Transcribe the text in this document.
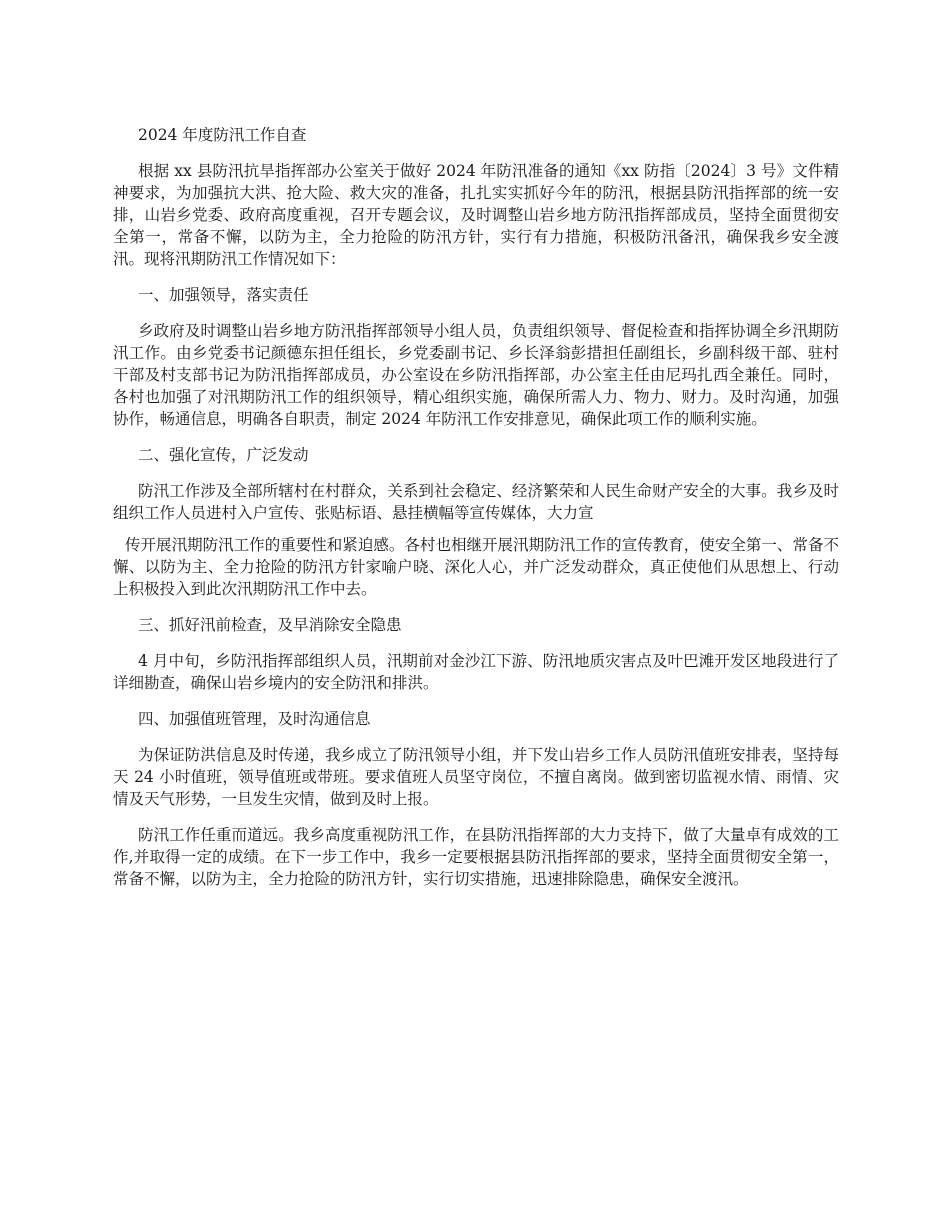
2024 年度防汛工作自查

根据 xx 县防汛抗旱指挥部办公室关于做好 2024 年防汛准备的通知《xx 防指〔2024〕3 号》文件精神要求，为加强抗大洪、抢大险、救大灾的准备，扎扎实实抓好今年的防汛，根据县防汛指挥部的统一安排，山岩乡党委、政府高度重视，召开专题会议，及时调整山岩乡地方防汛指挥部成员，坚持全面贯彻安全第一，常备不懈，以防为主，全力抢险的防汛方针，实行有力措施，积极防汛备汛，确保我乡安全渡汛。现将汛期防汛工作情况如下：

一、加强领导，落实责任

乡政府及时调整山岩乡地方防汛指挥部领导小组人员，负责组织领导、督促检查和指挥协调全乡汛期防汛工作。由乡党委书记颜德东担任组长，乡党委副书记、乡长泽翁彭措担任副组长，乡副科级干部、驻村干部及村支部书记为防汛指挥部成员，办公室设在乡防汛指挥部，办公室主任由尼玛扎西全兼任。同时，各村也加强了对汛期防汛工作的组织领导，精心组织实施，确保所需人力、物力、财力。及时沟通，加强协作，畅通信息，明确各自职责，制定 2024 年防汛工作安排意见，确保此项工作的顺利实施。

二、强化宣传，广泛发动

防汛工作涉及全部所辖村在村群众，关系到社会稳定、经济繁荣和人民生命财产安全的大事。我乡及时组织工作人员进村入户宣传、张贴标语、悬挂横幅等宣传媒体，大力宣

传开展汛期防汛工作的重要性和紧迫感。各村也相继开展汛期防汛工作的宣传教育，使安全第一、常备不懈、以防为主、全力抢险的防汛方针家喻户晓、深化人心，并广泛发动群众，真正使他们从思想上、行动上积极投入到此次汛期防汛工作中去。

三、抓好汛前检查，及早消除安全隐患

4 月中旬，乡防汛指挥部组织人员，汛期前对金沙江下游、防汛地质灾害点及叶巴滩开发区地段进行了详细勘查，确保山岩乡境内的安全防汛和排洪。

四、加强值班管理，及时沟通信息

为保证防洪信息及时传递，我乡成立了防汛领导小组，并下发山岩乡工作人员防汛值班安排表，坚持每天 24 小时值班，领导值班或带班。要求值班人员坚守岗位，不擅自离岗。做到密切监视水情、雨情、灾情及天气形势，一旦发生灾情，做到及时上报。

防汛工作任重而道远。我乡高度重视防汛工作，在县防汛指挥部的大力支持下，做了大量卓有成效的工作,并取得一定的成绩。在下一步工作中，我乡一定要根据县防汛指挥部的要求，坚持全面贯彻安全第一，常备不懈，以防为主，全力抢险的防汛方针，实行切实措施，迅速排除隐患，确保安全渡汛。
